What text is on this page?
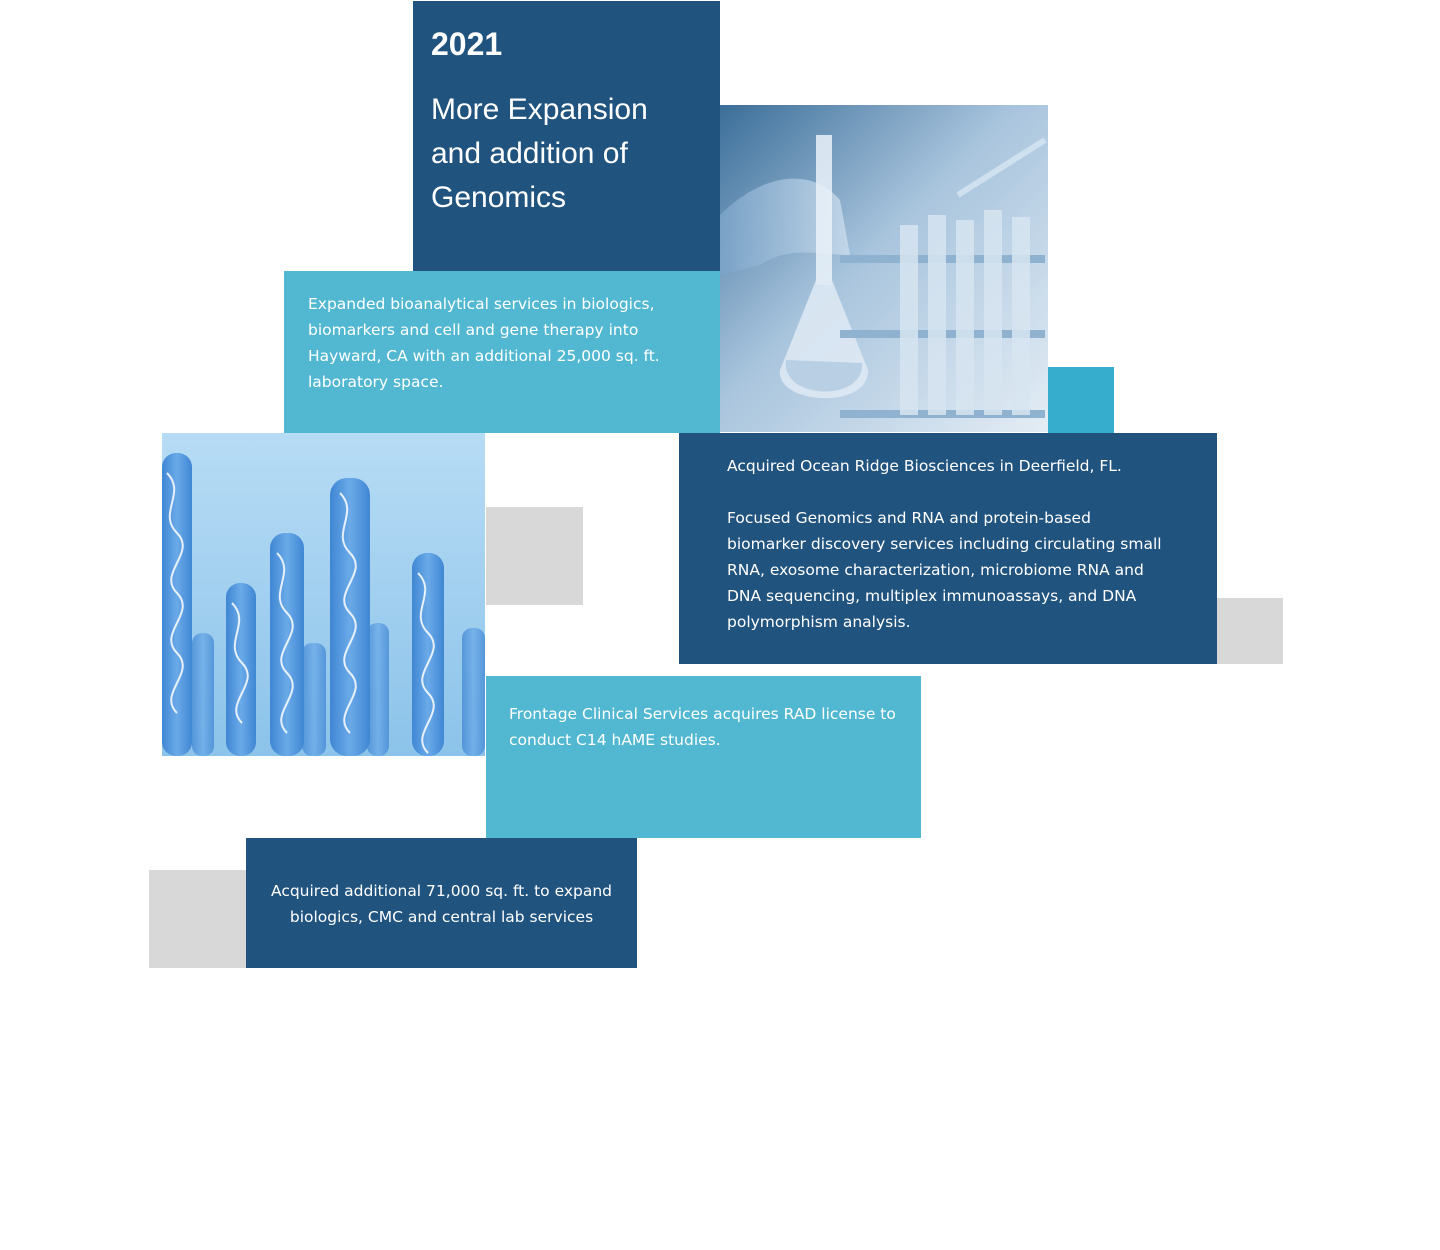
2021
More Expansion and addition of Genomics
Expanded bioanalytical services in biologics, biomarkers and cell and gene therapy into Hayward, CA with an additional 25,000 sq. ft. laboratory space.
Acquired Ocean Ridge Biosciences in Deerfield, FL.

Focused Genomics and RNA and protein-based biomarker discovery services including circulating small RNA, exosome characterization, microbiome RNA and DNA sequencing, multiplex immunoassays, and DNA polymorphism analysis.
Frontage Clinical Services acquires RAD license to conduct C14 hAME studies.
Acquired additional 71,000 sq. ft. to expand biologics, CMC and central lab services
